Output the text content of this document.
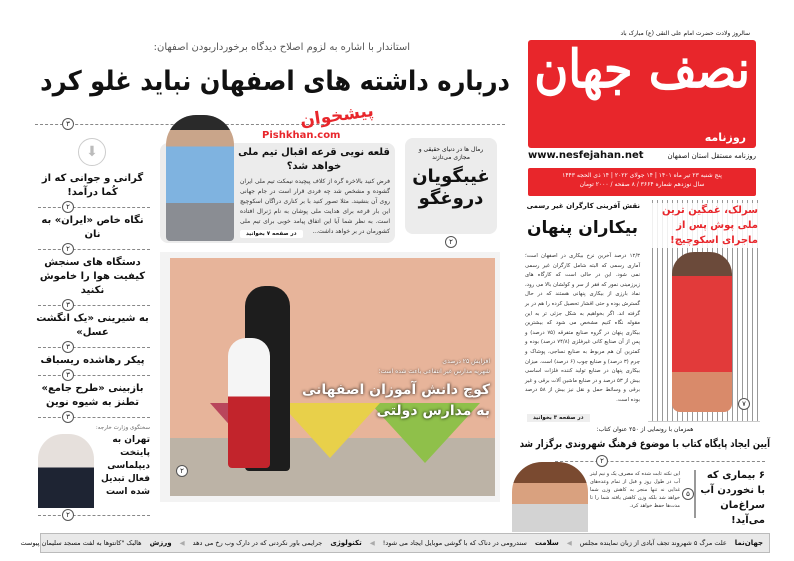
سالروز ولادت حضرت امام علی النقی (ع) مبارک باد
نصف جهان
روزنامه
روزنامه مستقل استان اصفهان
www.nesfejahan.net
پنج شنبه ۲۳ تیر ماه ۱۴۰۱ | ۱۴ جولای ۲۰۲۲ | ۱۴ ذی الحجه ۱۴۴۳
سال نوزدهم شماره ۳۶۶۴ / ۸ صفحه / ۲۰۰۰ تومان
استاندار با اشاره به لزوم اصلاح دیدگاه برخورداربودن اصفهان:
درباره داشته های اصفهان نباید غلو کرد
۳	پیشخوان
Pishkhan.com
قلعه نویی قرعه اقبال تیم ملی خواهد شد؟
فرض کنید بالاخره گره از کلاف پیچیده نیمکت تیم ملی ایران گشوده و مشخص شد چه فردی قرار است در جام جهانی روی آن بنشیند. مثلا تصور کنید با بر کناری دراگان اسکوچیچ این بار قرعه برای هدایت ملی پوشان به نام ژنرال افتاده است. به نظر شما آیا این اتفاق پیامد خوبی برای تیم ملی کشورمان در بر خواهد داشت...
در صفحه ۷ بخوانید
رمال ها در دنیای حقیقی و مجازی می‌تازند
غیبگویان دروغگو
۲
افزایش ۲۵ درصدی
شهریه مدارس غیر انتفاعی باعث شده است؛
کوچ دانش آموزان اصفهانی به مدارس دولتی
۲
⬇
گرانی و جوانی که از کُما درآمد!
۲
نگاه خاص «ایران» به نان
۲
دستگاه های سنجش کیفیت هوا را خاموش نکنید
۳
به شیرینی «یک انگشت عسل»
۳
پیکر رهاشده ریسباف
۳
بازبینی «طرح جامع» تطنز به شیوه نوین
۳
سخنگوی وزارت خارجه:
تهران به پایتخت دیپلماسی فعال تبدیل شده است
۲
نقش آفرینی کارگران غیر رسمی
بیکاران پنهان
۱۲/۳ درصد آخرین نرخ بیکاری در اصفهان است؛ آماری رسمی که البته شامل کارگران غیر رسمی نمی شود. این در حالی است که کارگاه های زیرزمینی نمور که فقر از سر و کولشان بالا می رود، نماد بارزی از بیکاری پنهانی هستند که در حال گسترش بوده و حتی اقشار تحصیل کرده را هم در بر گرفته اند. اگر بخواهیم به شکل جزئی تر به این مقوله نگاه کنیم مشخص می شود که بیشترین بیکاری پنهان در گروه صنایع متفرقه (۷۵ درصد) و پس از آن صنایع کانی غیرفلزی (۷۴/۸ درصد) بوده و کمترین آن هم مربوط به صنایع نساجی، پوشاک و چرم (۳ درصد) و صنایع چوب (۶ درصد) است. میزان بیکاری پنهان در صنایع تولید کننده فلزات اساسی بیش از ۵۳ درصد و در صنایع ماشین آلات برقی و غیر برقی و وسائط حمل و نقل نیز بیش از ۵۸ درصد بوده است.
در صفحه ۳ بخوانید
سرلک، غمگین ترین ملی پوش پس از ماجرای اسکوچیچ!
۷
همزمان با رونمایی از ۲۵۰ عنوان کتاب:
آیین ایجاد پایگاه کتاب با موضوع فرهنگ شهروندی برگزار شد
۲
این نکته ثابت شده که مصرف یک و نیم لیتر آب در طول روز و قبل از تمام وعده‌های غذایی نه تنها منجر به کاهش وزن شما خواهد شد بلکه وزن کاهش یافته شما را تا مدت‌ها حفظ خواهد کرد.
۵
۶ بیماری که با نخوردن آب سراغ‌مان می‌آید!
جهان‌نما
علت مرگ ۵ شهروند تجف آبادی از زبان نماینده مجلس
◀
سلامت
سندرومی در دناک که با گوشی موبایل ایجاد می شود!
◀
تکنولوژی
جرایمی باور نکردنی که در دارک وب رخ می دهد
◀
ورزش
هالبک "کانتوها به لفت مسجد سلیمان پیوست
